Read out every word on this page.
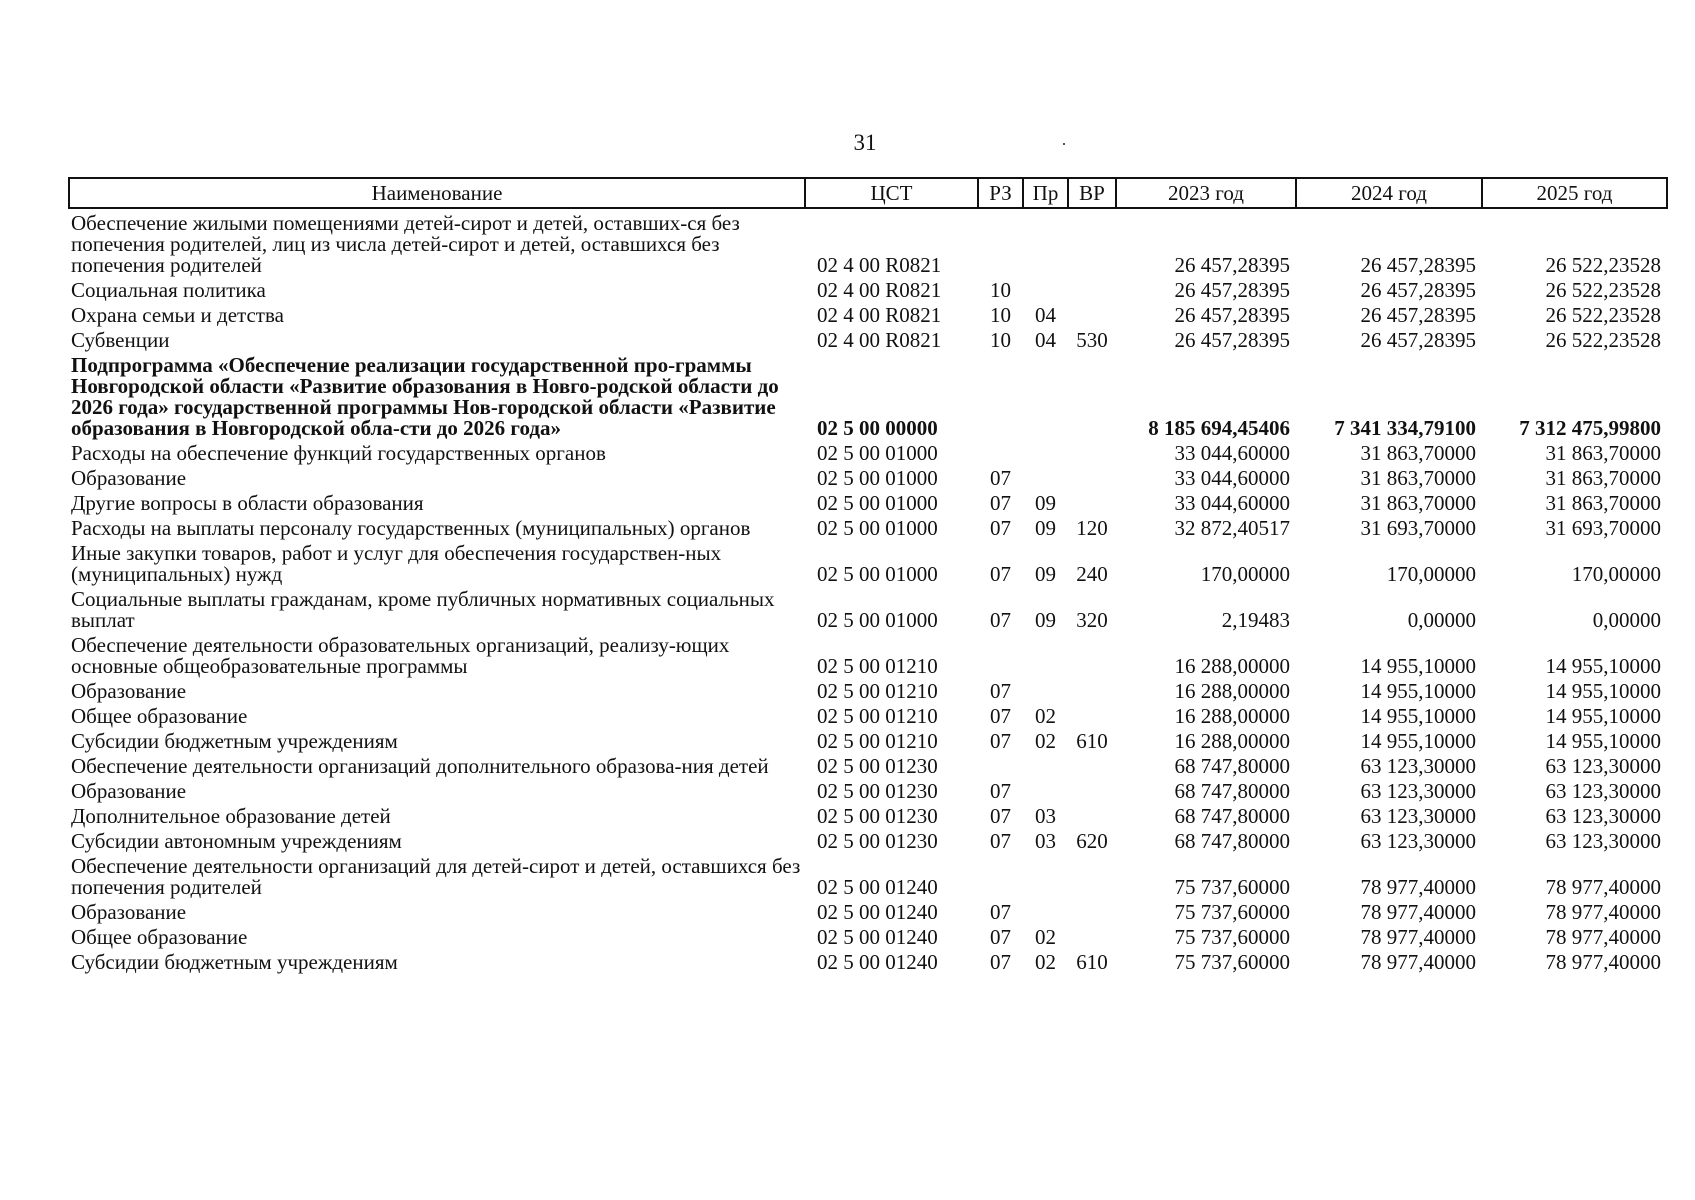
31
Наименование	ЦСТ	РЗ	Пр	ВР	2023 год	2024 год	2025 год
Обеспечение жилыми помещениями детей-сирот и детей, оставших-ся без попечения родителей, лиц из числа детей-сирот и детей, оставшихся без попечения родителей	02 4 00 R0821				26 457,28395	26 457,28395	26 522,23528
Социальная политика	02 4 00 R0821	10			26 457,28395	26 457,28395	26 522,23528
Охрана семьи и детства	02 4 00 R0821	10	04		26 457,28395	26 457,28395	26 522,23528
Субвенции	02 4 00 R0821	10	04	530	26 457,28395	26 457,28395	26 522,23528
Подпрограмма «Обеспечение реализации государственной про-граммы Новгородской области «Развитие образования в Новго-родской области до 2026 года» государственной программы Нов-городской области «Развитие образования в Новгородской обла-сти до 2026 года»	02 5 00 00000				8 185 694,45406	7 341 334,79100	7 312 475,99800
Расходы на обеспечение функций государственных органов	02 5 00 01000				33 044,60000	31 863,70000	31 863,70000
Образование	02 5 00 01000	07			33 044,60000	31 863,70000	31 863,70000
Другие вопросы в области образования	02 5 00 01000	07	09		33 044,60000	31 863,70000	31 863,70000
Расходы на выплаты персоналу государственных (муниципальных) органов	02 5 00 01000	07	09	120	32 872,40517	31 693,70000	31 693,70000
Иные закупки товаров, работ и услуг для обеспечения государствен-ных (муниципальных) нужд	02 5 00 01000	07	09	240	170,00000	170,00000	170,00000
Социальные выплаты гражданам, кроме публичных нормативных социальных выплат	02 5 00 01000	07	09	320	2,19483	0,00000	0,00000
Обеспечение деятельности образовательных организаций, реализу-ющих основные общеобразовательные программы	02 5 00 01210				16 288,00000	14 955,10000	14 955,10000
Образование	02 5 00 01210	07			16 288,00000	14 955,10000	14 955,10000
Общее образование	02 5 00 01210	07	02		16 288,00000	14 955,10000	14 955,10000
Субсидии бюджетным учреждениям	02 5 00 01210	07	02	610	16 288,00000	14 955,10000	14 955,10000
Обеспечение деятельности организаций дополнительного образова-ния детей	02 5 00 01230				68 747,80000	63 123,30000	63 123,30000
Образование	02 5 00 01230	07			68 747,80000	63 123,30000	63 123,30000
Дополнительное образование детей	02 5 00 01230	07	03		68 747,80000	63 123,30000	63 123,30000
Субсидии автономным учреждениям	02 5 00 01230	07	03	620	68 747,80000	63 123,30000	63 123,30000
Обеспечение деятельности организаций для детей-сирот и детей, оставшихся без попечения родителей	02 5 00 01240				75 737,60000	78 977,40000	78 977,40000
Образование	02 5 00 01240	07			75 737,60000	78 977,40000	78 977,40000
Общее образование	02 5 00 01240	07	02		75 737,60000	78 977,40000	78 977,40000
Субсидии бюджетным учреждениям	02 5 00 01240	07	02	610	75 737,60000	78 977,40000	78 977,40000
